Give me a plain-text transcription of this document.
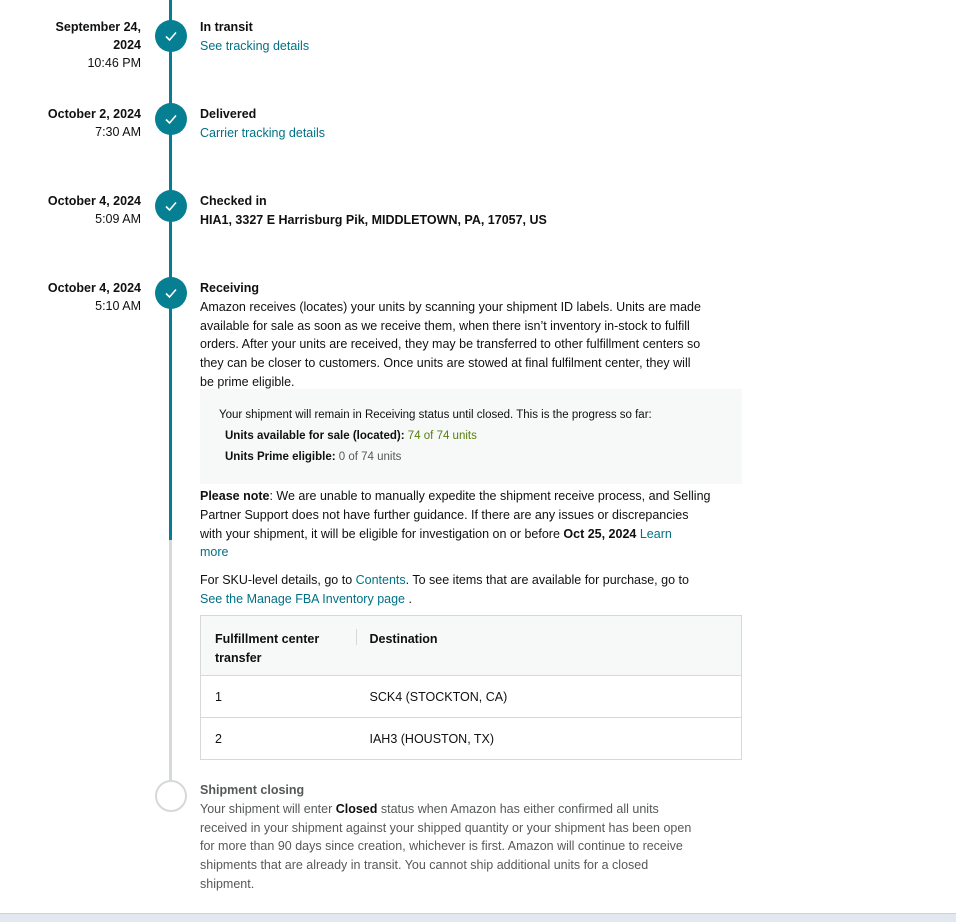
September 24,
2024
10:46 PM
In transit
See tracking details
October 2, 2024
7:30 AM
Delivered
Carrier tracking details
October 4, 2024
5:09 AM
Checked in
HIA1, 3327 E Harrisburg Pik, MIDDLETOWN, PA, 17057, US
October 4, 2024
5:10 AM
Receiving
Amazon receives (locates) your units by scanning your shipment ID labels. Units are made
available for sale as soon as we receive them, when there isn’t inventory in-stock to fulfill
orders. After your units are received, they may be transferred to other fulfillment centers so
they can be closer to customers. Once units are stowed at final fulfilment center, they will
be prime eligible.
Your shipment will remain in Receiving status until closed. This is the progress so far:
Units available for sale (located): 74 of 74 units
Units Prime eligible: 0 of 74 units
Please note: We are unable to manually expedite the shipment receive process, and Selling
Partner Support does not have further guidance. If there are any issues or discrepancies
with your shipment, it will be eligible for investigation on or before Oct 25, 2024 Learn
more
For SKU-level details, go to Contents. To see items that are available for purchase, go to
See the Manage FBA Inventory page .
Fulfillment center
transfer	Destination
1	SCK4 (STOCKTON, CA)
2	IAH3 (HOUSTON, TX)
Shipment closing
Your shipment will enter Closed status when Amazon has either confirmed all units
received in your shipment against your shipped quantity or your shipment has been open
for more than 90 days since creation, whichever is first. Amazon will continue to receive
shipments that are already in transit. You cannot ship additional units for a closed
shipment.
